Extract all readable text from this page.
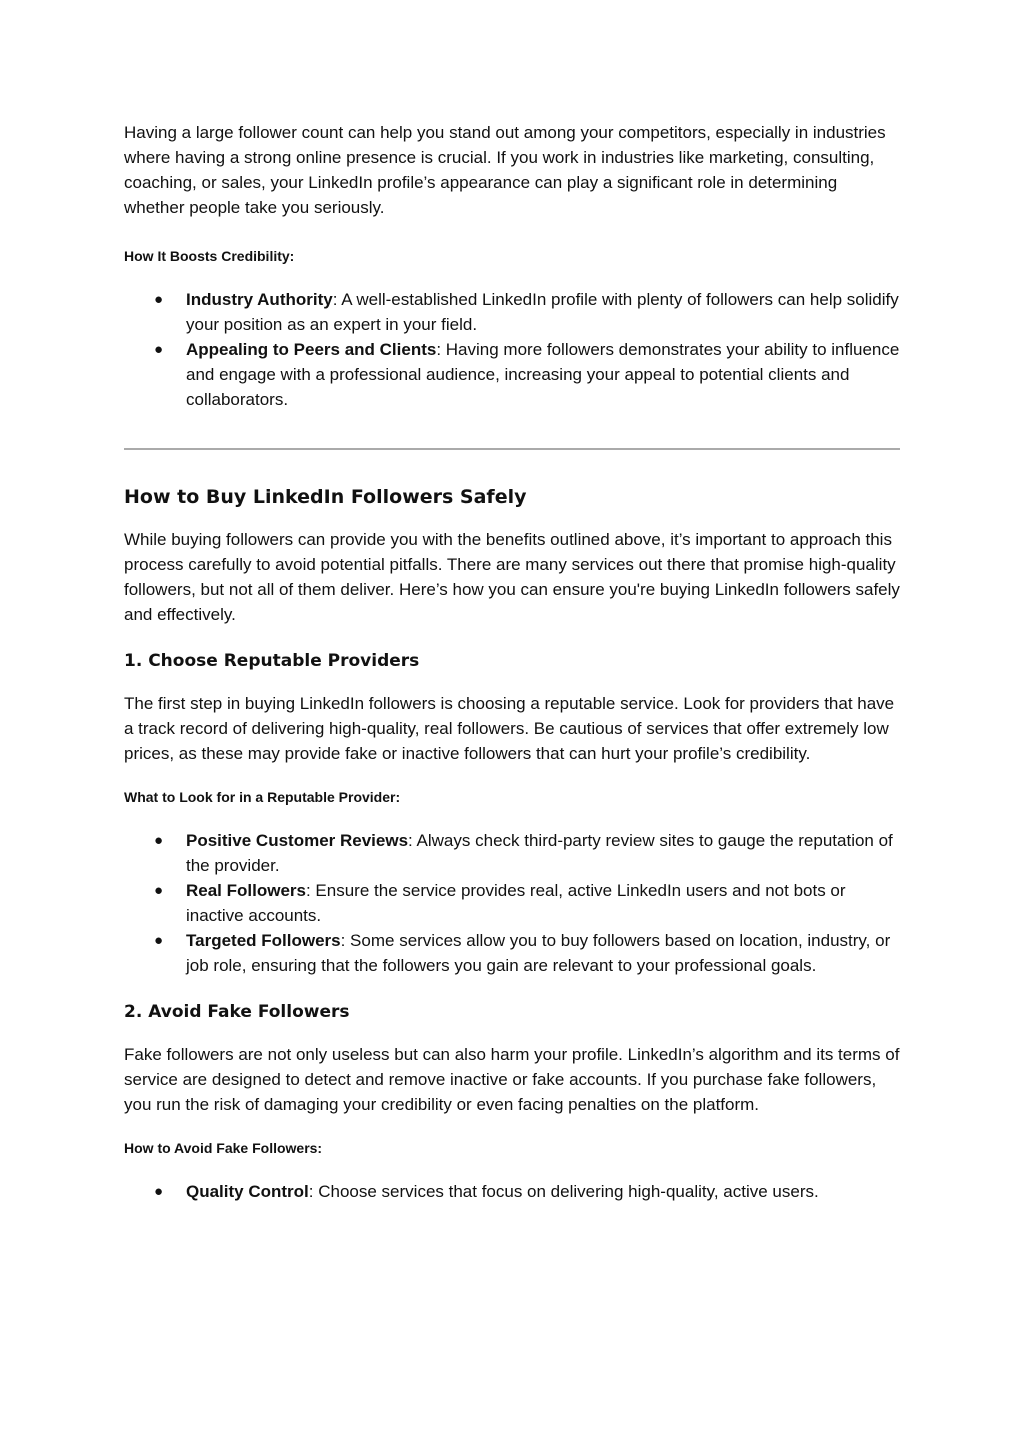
Having a large follower count can help you stand out among your competitors, especially in industries where having a strong online presence is crucial. If you work in industries like marketing, consulting, coaching, or sales, your LinkedIn profile’s appearance can play a significant role in determining whether people take you seriously.

How It Boosts Credibility:

● Industry Authority: A well-established LinkedIn profile with plenty of followers can help solidify your position as an expert in your field.
● Appealing to Peers and Clients: Having more followers demonstrates your ability to influence and engage with a professional audience, increasing your appeal to potential clients and collaborators.
How to Buy LinkedIn Followers Safely

While buying followers can provide you with the benefits outlined above, it’s important to approach this process carefully to avoid potential pitfalls. There are many services out there that promise high-quality followers, but not all of them deliver. Here’s how you can ensure you're buying LinkedIn followers safely and effectively.

1. Choose Reputable Providers

The first step in buying LinkedIn followers is choosing a reputable service. Look for providers that have a track record of delivering high-quality, real followers. Be cautious of services that offer extremely low prices, as these may provide fake or inactive followers that can hurt your profile’s credibility.

What to Look for in a Reputable Provider:

● Positive Customer Reviews: Always check third-party review sites to gauge the reputation of the provider.
● Real Followers: Ensure the service provides real, active LinkedIn users and not bots or inactive accounts.
● Targeted Followers: Some services allow you to buy followers based on location, industry, or job role, ensuring that the followers you gain are relevant to your professional goals.
2. Avoid Fake Followers

Fake followers are not only useless but can also harm your profile. LinkedIn’s algorithm and its terms of service are designed to detect and remove inactive or fake accounts. If you purchase fake followers, you run the risk of damaging your credibility or even facing penalties on the platform.

How to Avoid Fake Followers:

● Quality Control: Choose services that focus on delivering high-quality, active users.
